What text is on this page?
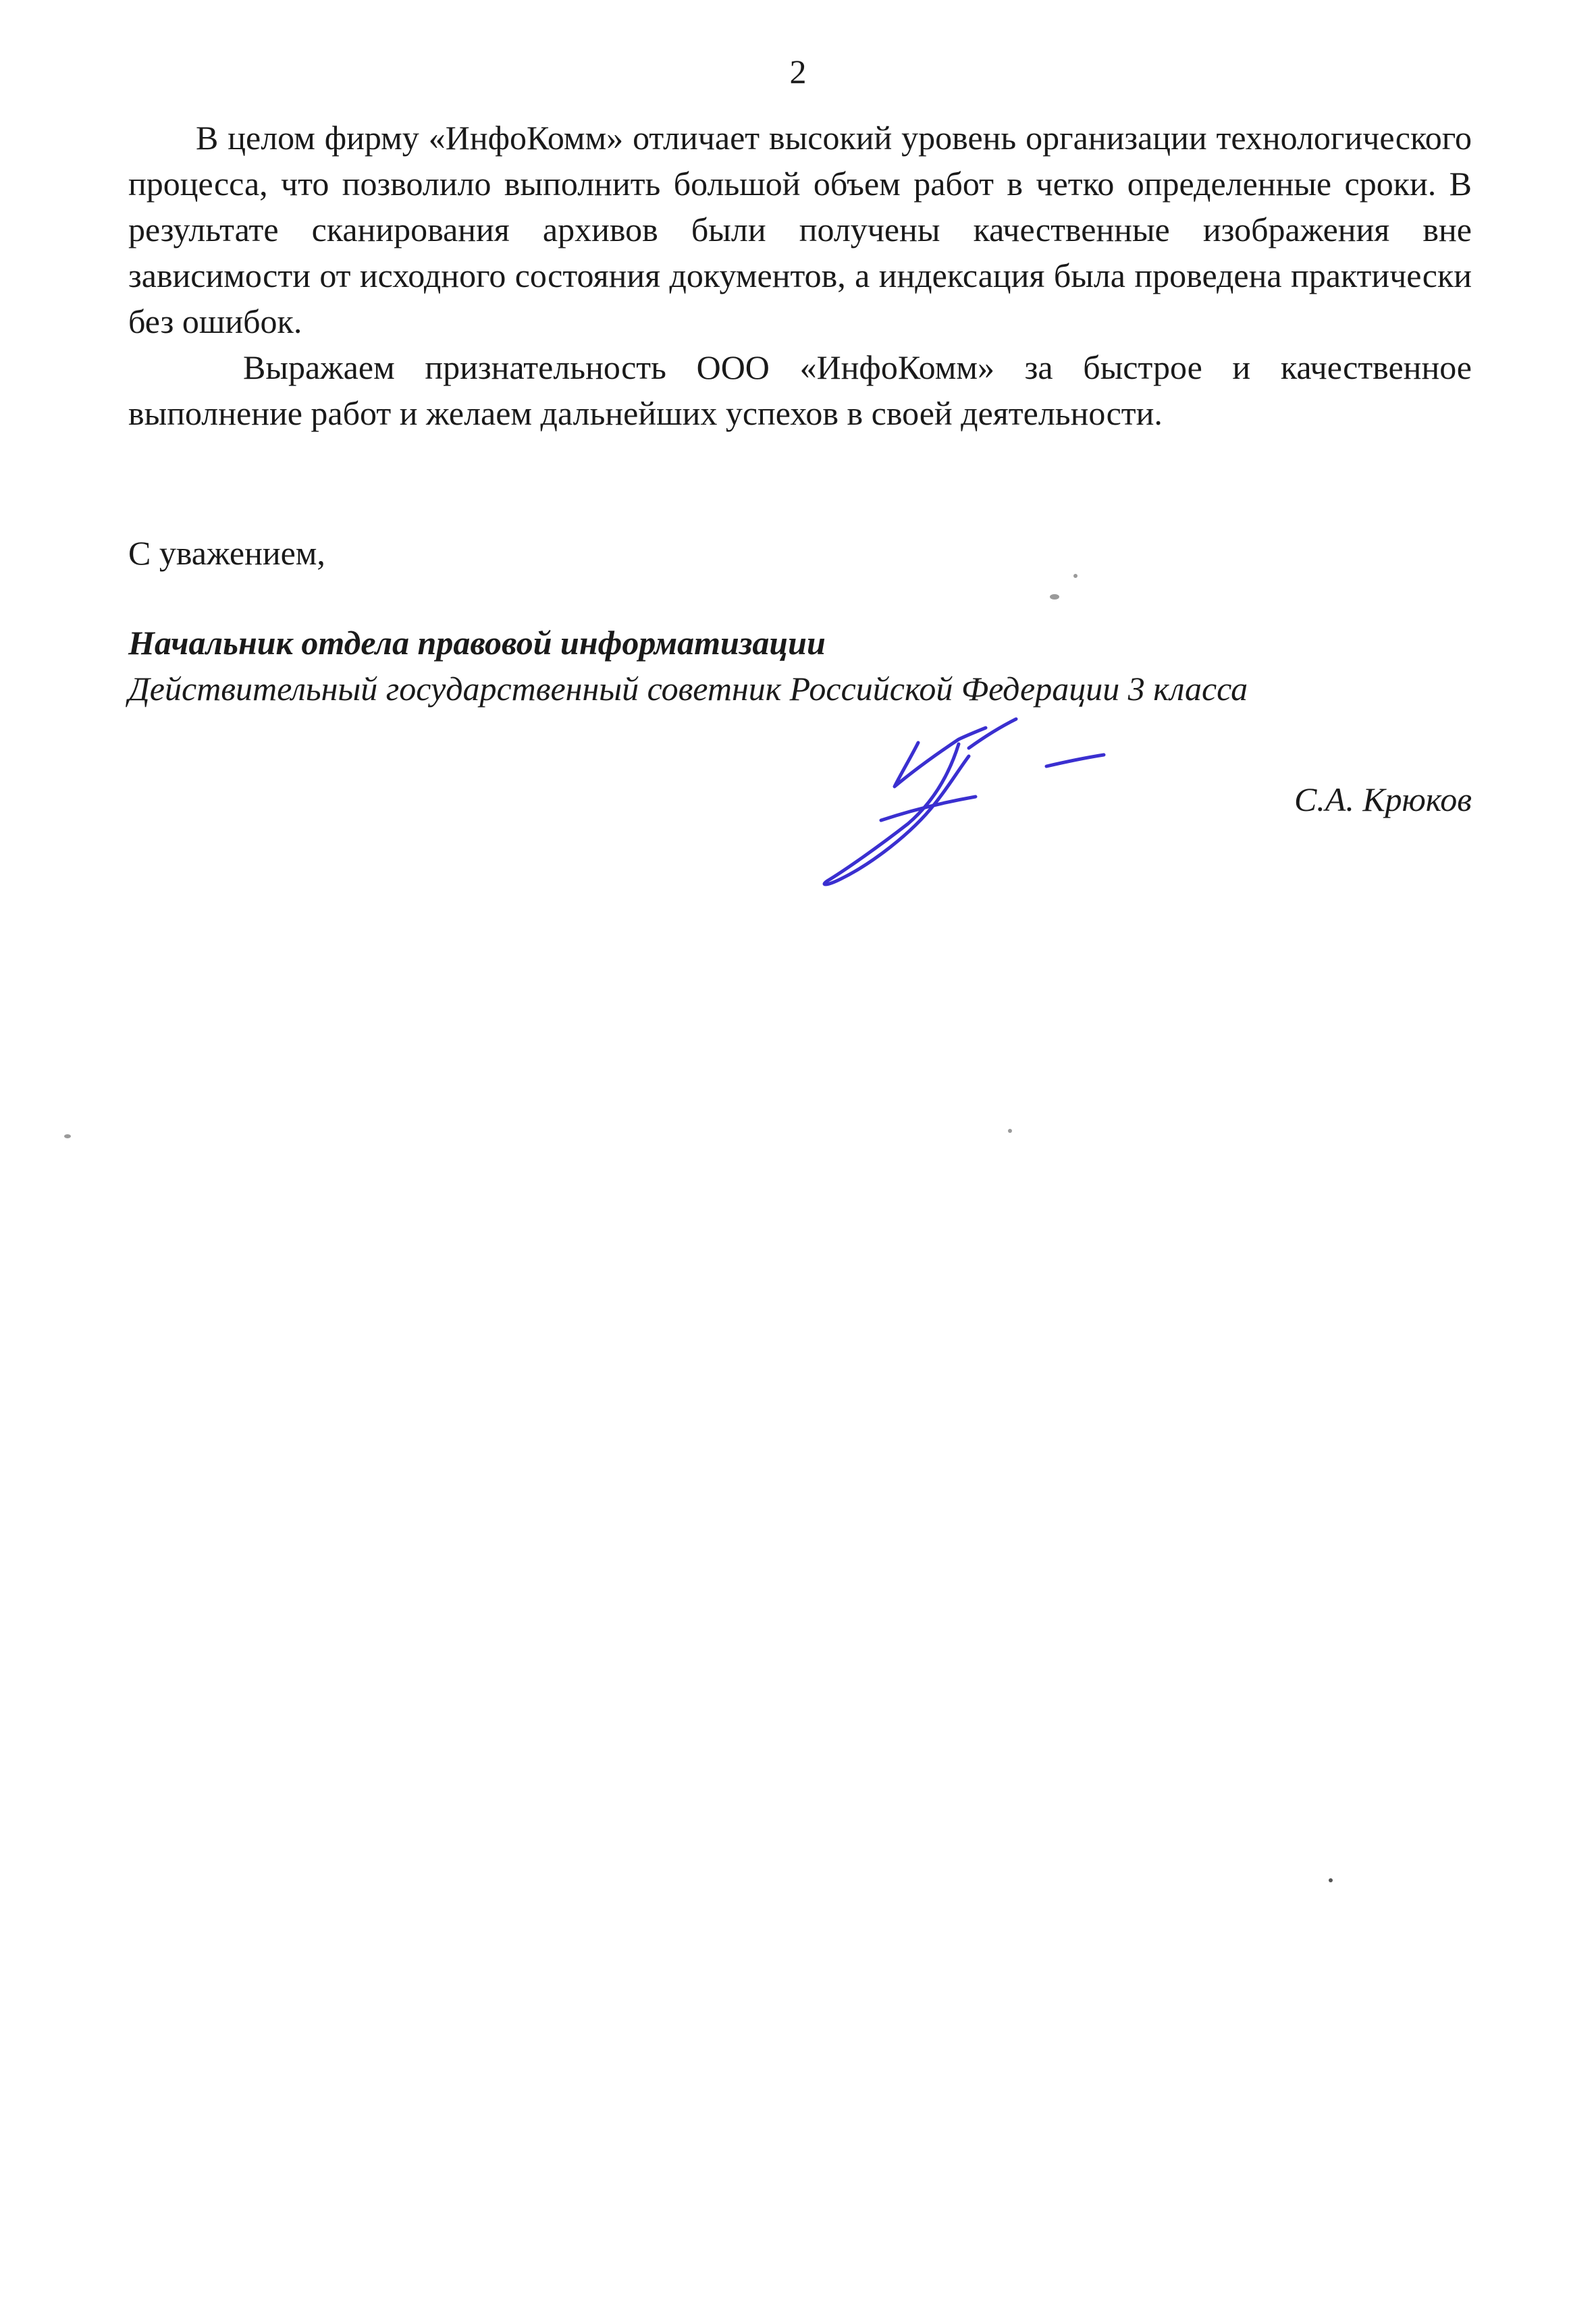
2

В целом фирму «ИнфоКомм» отличает высокий уровень организации технологического процесса, что позволило выполнить большой объем работ в четко определенные сроки. В результате сканирования архивов были получены качественные изображения вне зависимости от исходного состояния документов, а индексация была проведена практически без ошибок.

Выражаем признательность ООО «ИнфоКомм» за быстрое и качественное выполнение работ и желаем дальнейших успехов в своей деятельности.

С уважением,
Начальник отдела правовой информатизации
Действительный государственный советник Российской Федерации 3 класса
С.А. Крюков
